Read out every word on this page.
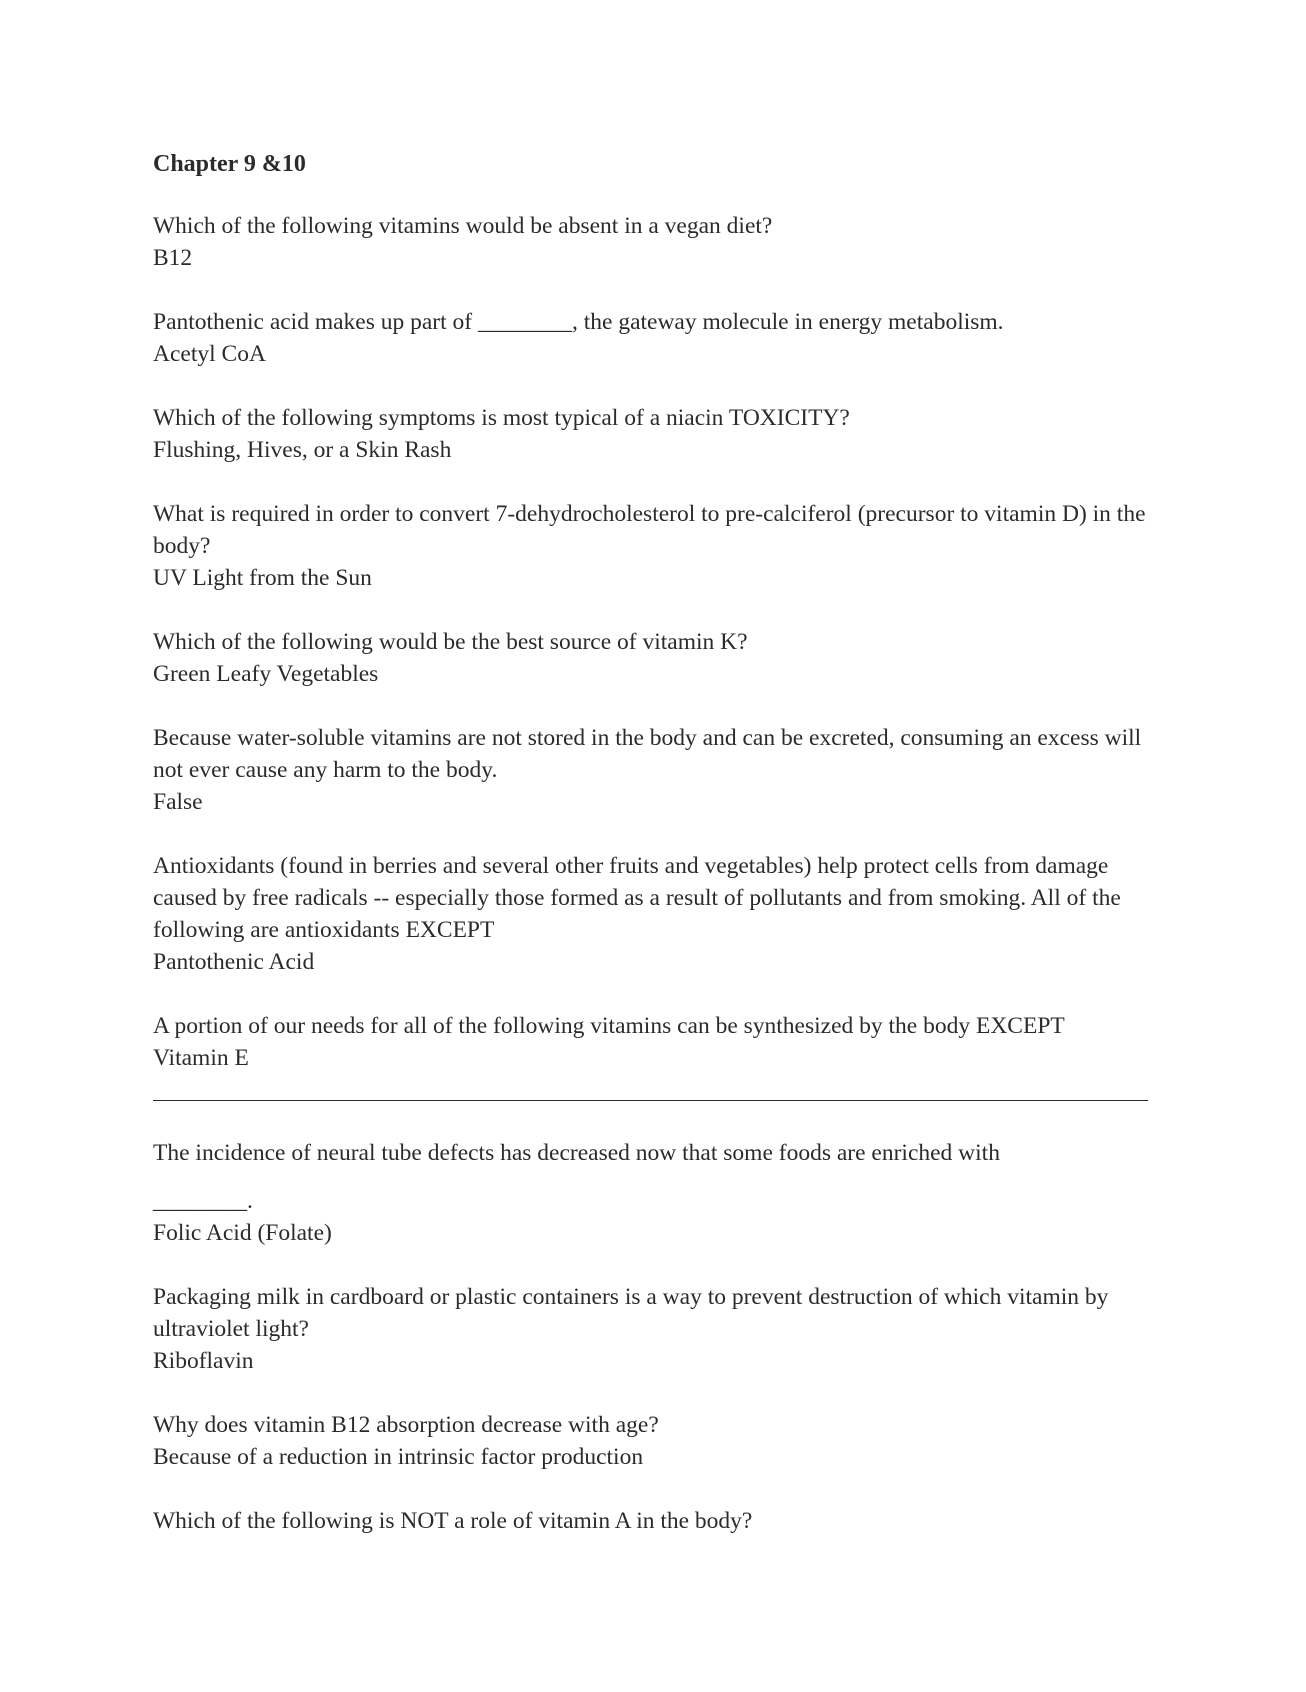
Chapter 9 &10

Which of the following vitamins would be absent in a vegan diet?

B12

Pantothenic acid makes up part of ________, the gateway molecule in energy metabolism.

Acetyl CoA

Which of the following symptoms is most typical of a niacin TOXICITY?

Flushing, Hives, or a Skin Rash

What is required in order to convert 7-dehydrocholesterol to pre-calciferol (precursor to vitamin D) in the body?

UV Light from the Sun

Which of the following would be the best source of vitamin K?

Green Leafy Vegetables

Because water-soluble vitamins are not stored in the body and can be excreted, consuming an excess will not ever cause any harm to the body.

False

Antioxidants (found in berries and several other fruits and vegetables) help protect cells from damage caused by free radicals -- especially those formed as a result of pollutants and from smoking. All of the following are antioxidants EXCEPT

Pantothenic Acid

A portion of our needs for all of the following vitamins can be synthesized by the body EXCEPT

Vitamin E

The incidence of neural tube defects has decreased now that some foods are enriched with

________.

Folic Acid (Folate)

Packaging milk in cardboard or plastic containers is a way to prevent destruction of which vitamin by ultraviolet light?

Riboflavin

Why does vitamin B12 absorption decrease with age?

Because of a reduction in intrinsic factor production

Which of the following is NOT a role of vitamin A in the body?
